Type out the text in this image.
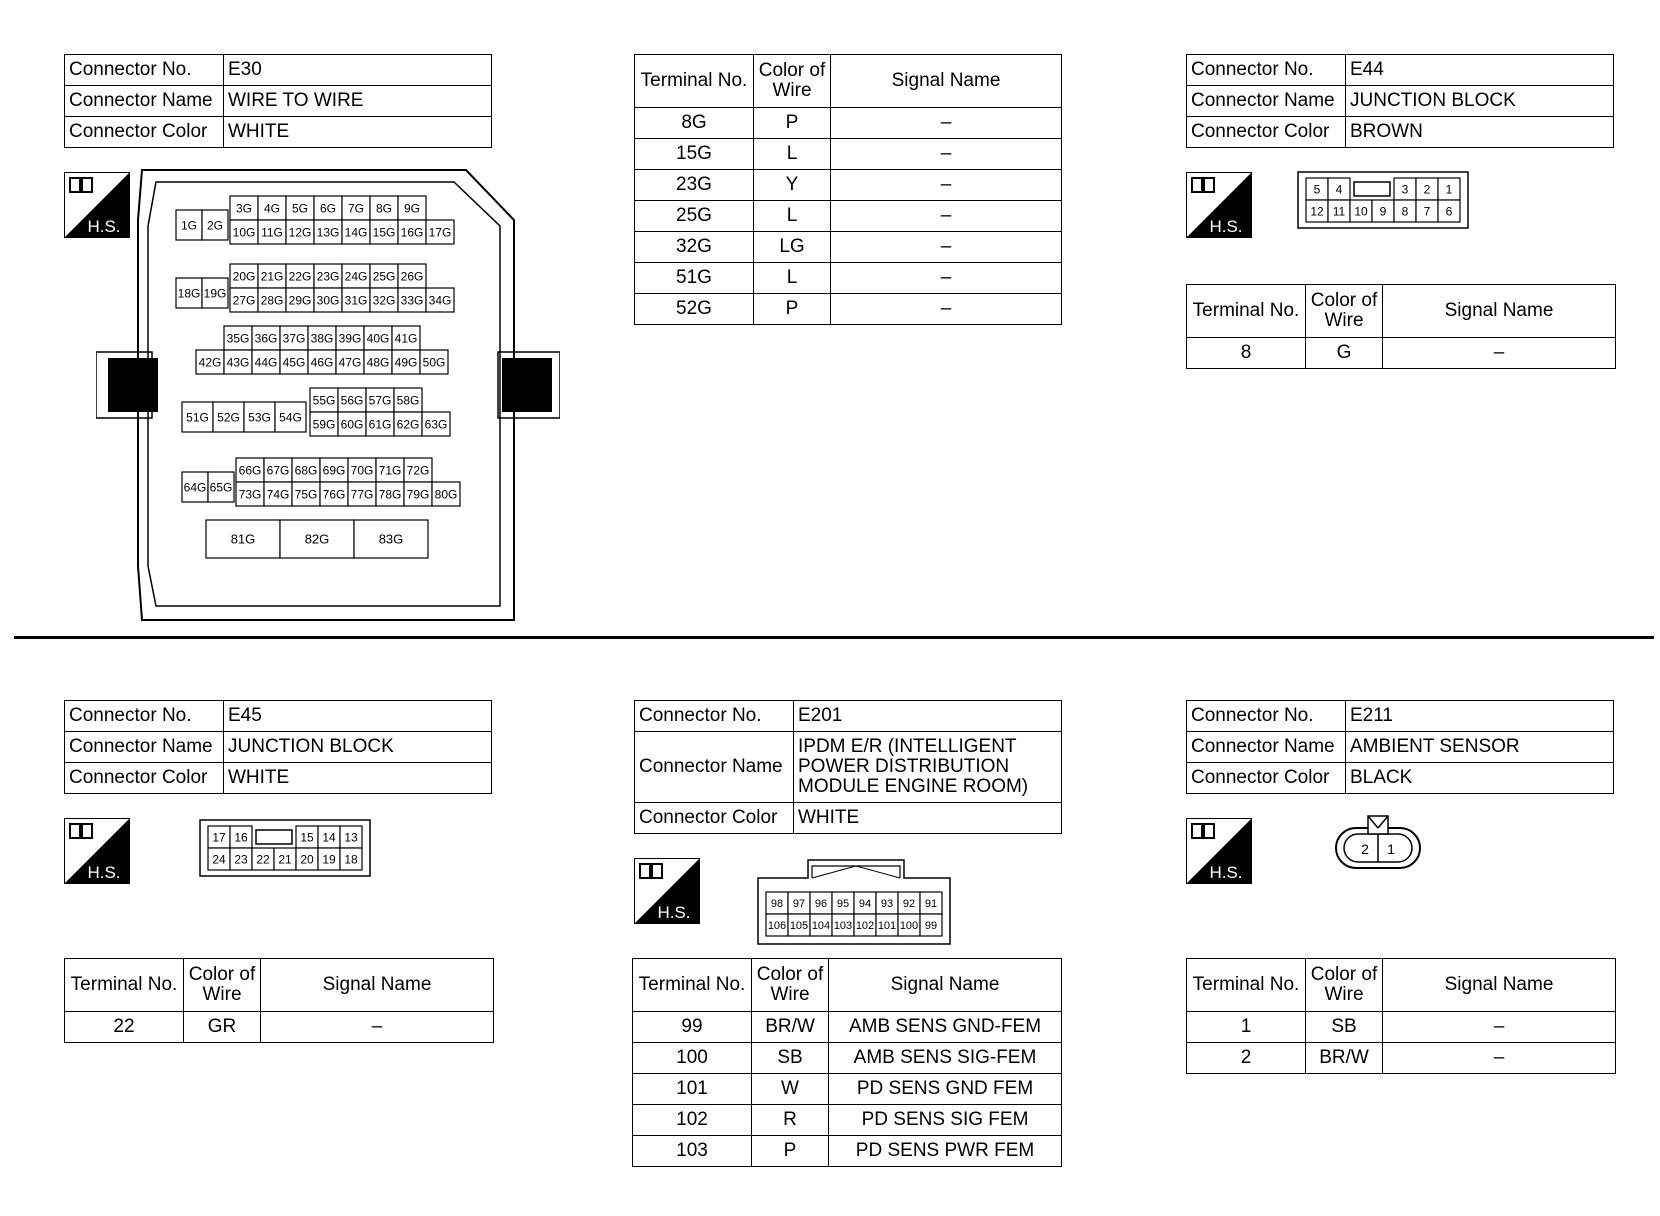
Connector No.	E30
Connector Name	WIRE TO WIRE
Connector Color	WHITE
H.S.
3G 4G 5G 6G 7G 8G 9G
1G 2G 10G 11G 12G 13G 14G 15G 16G 17G
20G 21G 22G 23G 24G 25G 26G
18G 19G 27G 28G 29G 30G 31G 32G 33G 34G
35G 36G 37G 38G 39G 40G 41G
42G 43G 44G 45G 46G 47G 48G 49G 50G
55G 56G 57G 58G
51G 52G 53G 54G 59G 60G 61G 62G 63G
66G 67G 68G 69G 70G 71G 72G
64G 65G 73G 74G 75G 76G 77G 78G 79G 80G
81G	82G	83G
Terminal No.	Color of
Wire	Signal Name
8G	P	–
15G	L	–
23G	Y	–
25G	L	–
32G	LG	–
51G	L	–
52G	P	–
Connector No.	E44
Connector Name	JUNCTION BLOCK
Connector Color	BROWN
H.S.
5 4	3 2 1
12 11 10 9 8 7 6
Terminal No.	Color of
Wire	Signal Name
8	G	–
Connector No.	E45
Connector Name	JUNCTION BLOCK
Connector Color	WHITE
H.S.
17 16	15 14 13
24 23 22 21 20 19 18
Terminal No.	Color of
Wire	Signal Name
22	GR	–
Connector No.	E201
Connector Name	IPDM E/R (INTELLIGENT
POWER DISTRIBUTION
MODULE ENGINE ROOM)
Connector Color	WHITE
H.S.	98 97 96 95 94 93 92 91
106 105 104 103 102 101 100 99
Terminal No.	Color of
Wire	Signal Name
99	BR/W	AMB SENS GND-FEM
100	SB	AMB SENS SIG-FEM
101	W	PD SENS GND FEM
102	R	PD SENS SIG FEM
103	P	PD SENS PWR FEM
Connector No.	E211
Connector Name	AMBIENT SENSOR
Connector Color	BLACK
H.S.
2 1
Terminal No.	Color of
Wire	Signal Name
1	SB	–
2	BR/W	–
